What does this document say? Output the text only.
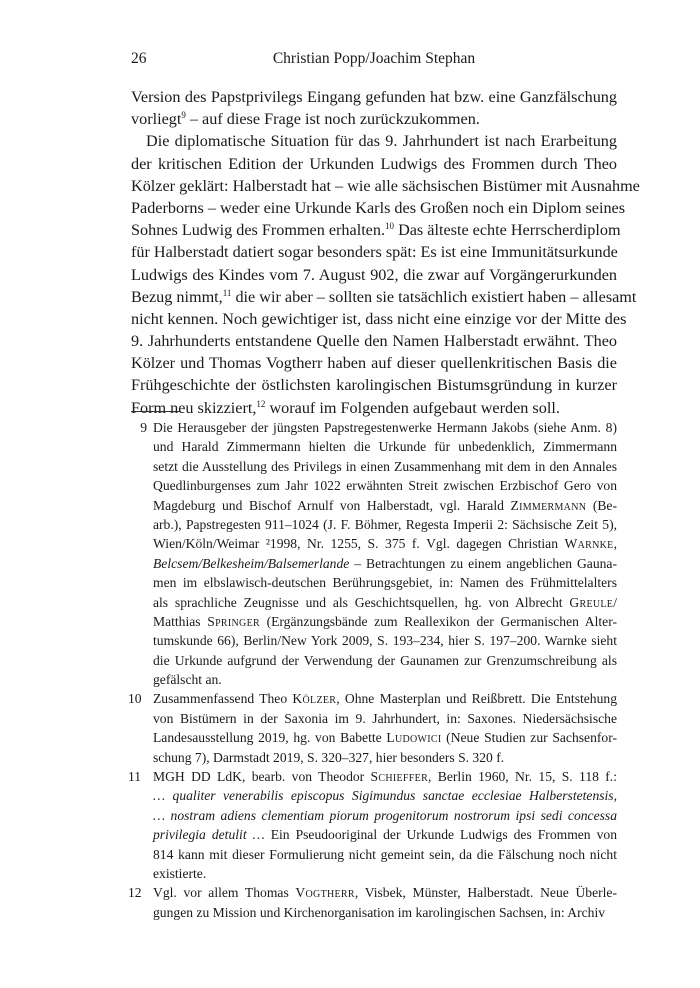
26	Christian Popp/Joachim Stephan
Version des Papstprivilegs Eingang gefunden hat bzw. eine Ganzfälschung
vorliegt$^9$ – auf diese Frage ist noch zurückzukommen.
Die diplomatische Situation für das 9. Jahrhundert ist nach Erarbeitung
der kritischen Edition der Urkunden Ludwigs des Frommen durch Theo
Kölzer geklärt: Halberstadt hat – wie alle sächsischen Bistümer mit Ausnahme
Paderborns – weder eine Urkunde Karls des Großen noch ein Diplom seines
Sohnes Ludwig des Frommen erhalten.$^{10}$ Das älteste echte Herrscherdiplom
für Halberstadt datiert sogar besonders spät: Es ist eine Immunitätsurkunde
Ludwigs des Kindes vom 7. August 902, die zwar auf Vorgängerurkunden
Bezug nimmt,$^{11}$ die wir aber – sollten sie tatsächlich existiert haben – allesamt
nicht kennen. Noch gewichtiger ist, dass nicht eine einzige vor der Mitte des
9. Jahrhunderts entstandene Quelle den Namen Halberstadt erwähnt. Theo
Kölzer und Thomas Vogtherr haben auf dieser quellenkritischen Basis die
Frühgeschichte der östlichsten karolingischen Bistumsgründung in kurzer
Form neu skizziert,$^{12}$ worauf im Folgenden aufgebaut werden soll.
9 Die Herausgeber der jüngsten Papstregestenwerke Hermann Jakobs (siehe Anm. 8)
und Harald Zimmermann hielten die Urkunde für unbedenklich, Zimmermann
setzt die Ausstellung des Privilegs in einen Zusammenhang mit dem in den Annales
Quedlinburgenses zum Jahr 1022 erwähnten Streit zwischen Erzbischof Gero von
Magdeburg und Bischof Arnulf von Halberstadt, vgl. Harald Zimmermann (Be-
arb.), Papstregesten 911–1024 (J. F. Böhmer, Regesta Imperii 2: Sächsische Zeit 5),
Wien/Köln/Weimar ²1998, Nr. 1255, S. 375 f. Vgl. dagegen Christian Warnke,
Belcsem/Belkesheim/Balsemerlande – Betrachtungen zu einem angeblichen Gauna-
men im elbslawisch-deutschen Berührungsgebiet, in: Namen des Frühmittelalters
als sprachliche Zeugnisse und als Geschichtsquellen, hg. von Albrecht Greule/
Matthias Springer (Ergänzungsbände zum Reallexikon der Germanischen Alter-
tumskunde 66), Berlin/New York 2009, S. 193–234, hier S. 197–200. Warnke sieht
die Urkunde aufgrund der Verwendung der Gaunamen zur Grenzumschreibung als
gefälscht an.
10 Zusammenfassend Theo Kölzer, Ohne Masterplan und Reißbrett. Die Entstehung
von Bistümern in der Saxonia im 9. Jahrhundert, in: Saxones. Niedersächsische
Landesausstellung 2019, hg. von Babette Ludowici (Neue Studien zur Sachsenfor-
schung 7), Darmstadt 2019, S. 320–327, hier besonders S. 320 f.
11 MGH DD LdK, bearb. von Theodor Schieffer, Berlin 1960, Nr. 15, S. 118 f.:
… qualiter venerabilis episcopus Sigimundus sanctae ecclesiae Halberstetensis,
… nostram adiens clementiam piorum progenitorum nostrorum ipsi sedi concessa
privilegia detulit … Ein Pseudooriginal der Urkunde Ludwigs des Frommen von
814 kann mit dieser Formulierung nicht gemeint sein, da die Fälschung noch nicht
existierte.
12 Vgl. vor allem Thomas Vogtherr, Visbek, Münster, Halberstadt. Neue Überle-
gungen zu Mission und Kirchenorganisation im karolingischen Sachsen, in: Archiv
